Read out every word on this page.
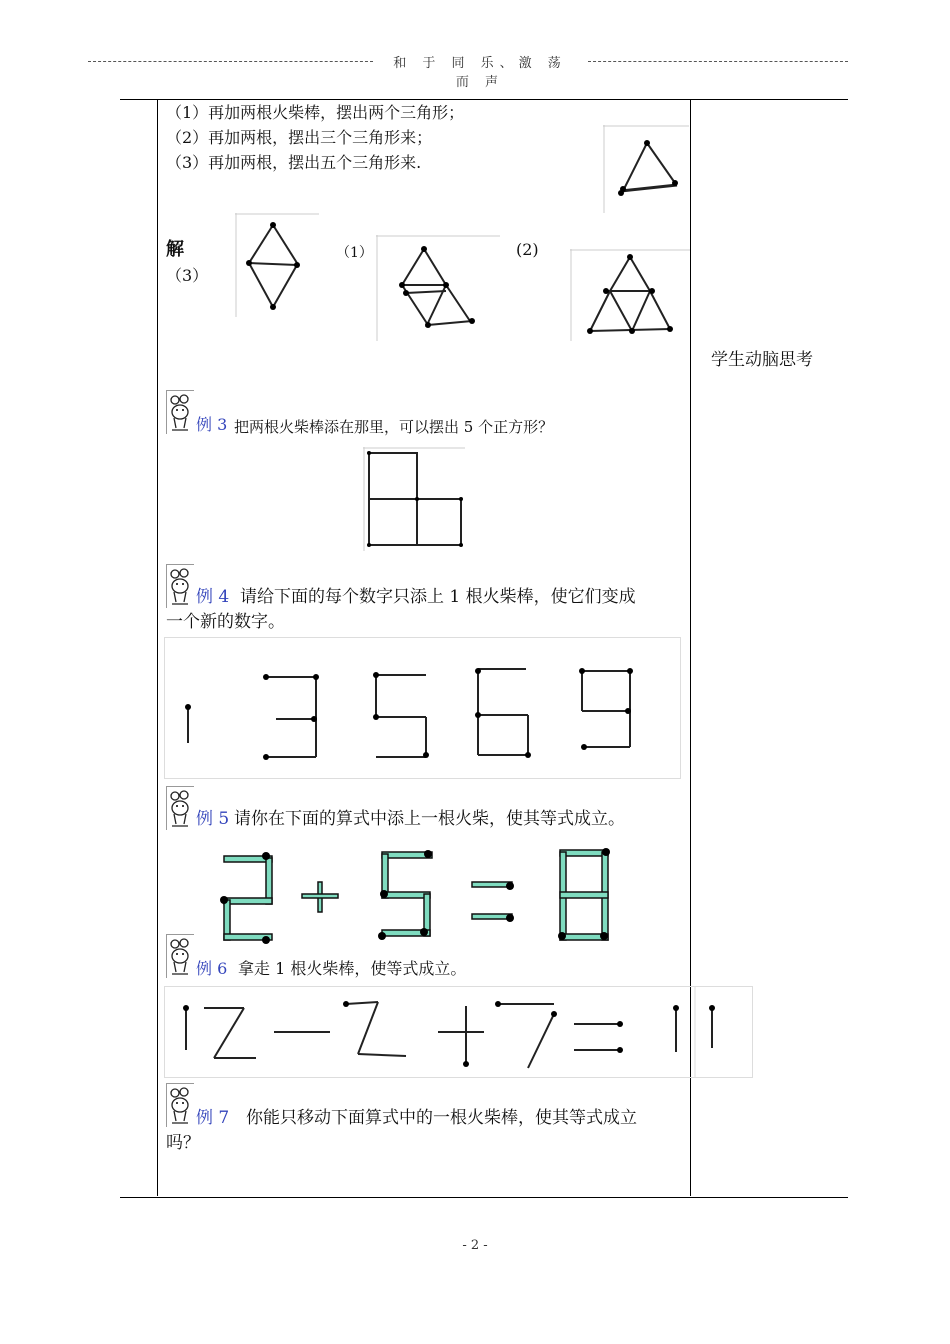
和 于 同 乐、激 荡 而 声
（1）再加两根火柴棒，摆出两个三角形；
（2）再加两根，摆出三个三角形来；
（3）再加两根，摆出五个三角形来.
解
（3）
（1）	(2)
学生动脑思考
例 3 把两根火柴棒添在那里，可以摆出 5 个正方形？
例 4 请给下面的每个数字只添上 1 根火柴棒，使它们变成
一个新的数字。
例 5 请你在下面的算式中添上一根火柴，使其等式成立。
例 6 拿走 1 根火柴棒，使等式成立。
例 7 你能只移动下面算式中的一根火柴棒，使其等式成立
吗？
- 2 -
